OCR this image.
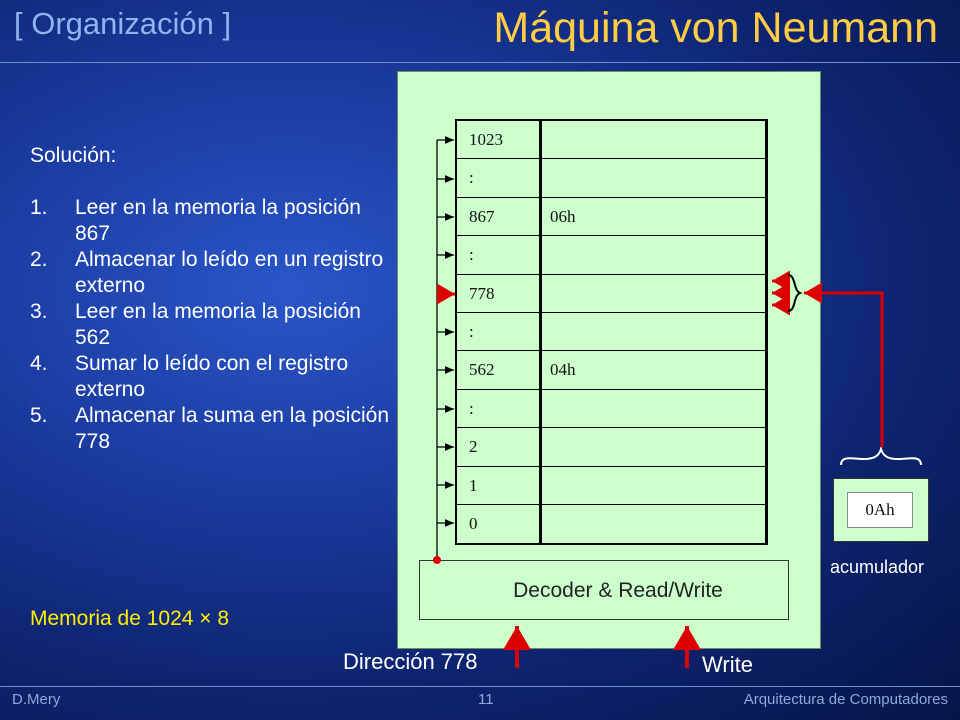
[ Organización ]	Máquina von Neumann
Solución:
1.	Leer en la memoria la posición 867
2.	Almacenar lo leído en un registro externo
3.	Leer en la memoria la posición 562
4.	Sumar lo leído con el registro externo
5.	Almacenar la suma en la posición 778
Memoria de 1024 × 8
1023
:
867	06h
:
778
:
562	04h
:
2
1
0
Decoder & Read/Write
0Ah
acumulador
Dirección 778	Write
D.Mery	11	Arquitectura de Computadores
